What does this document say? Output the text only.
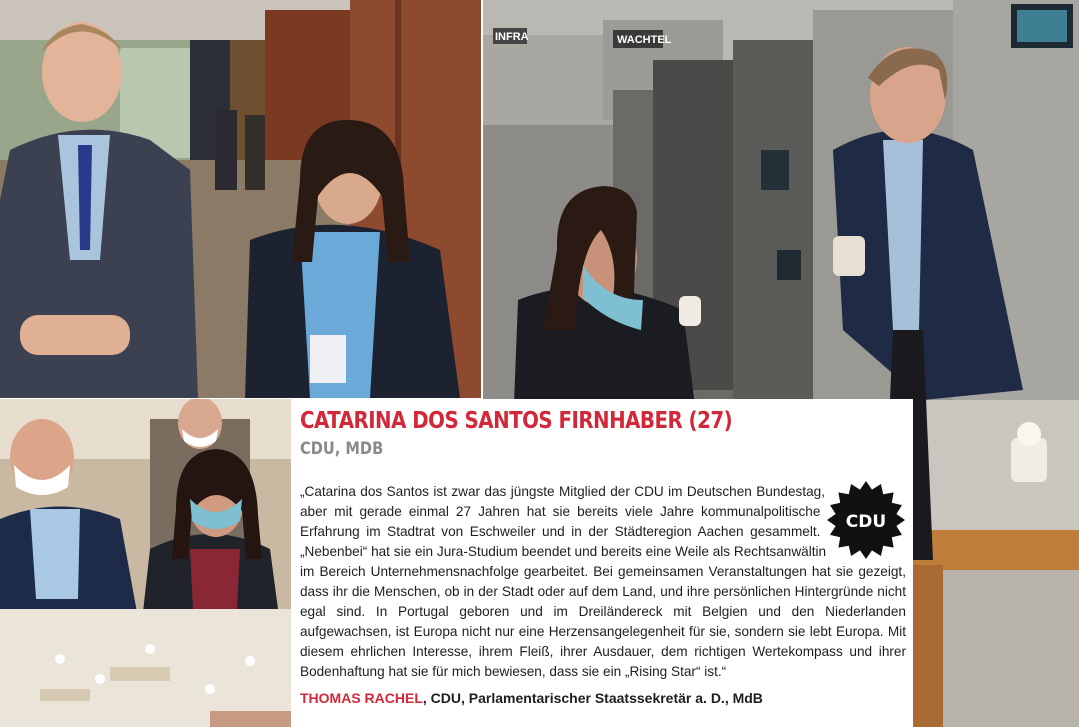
INFRA	WACHTEL
CATARINA DOS SANTOS FIRNHABER (27)
CDU, MDB

CDU
„Catarina dos Santos ist zwar das jüngste Mitglied der CDU im Deutschen Bundestag, aber mit gerade einmal 27 Jahren hat sie bereits viele Jahre kommunalpolitische Erfahrung im Stadtrat von Eschweiler und in der Städteregion Aachen gesammelt. „Nebenbei“ hat sie ein Jura-Studium beendet und bereits eine Weile als Rechtsanwältin im Bereich Unternehmensnachfolge gearbeitet. Bei gemeinsamen Veranstaltungen hat sie gezeigt, dass ihr die Menschen, ob in der Stadt oder auf dem Land, und ihre persönlichen Hintergründe nicht egal sind. In Portugal geboren und im Dreiländereck mit Belgien und den Niederlanden aufgewachsen, ist Europa nicht nur eine Herzensangelegenheit für sie, sondern sie lebt Europa. Mit diesem ehrlichen Interesse, ihrem Fleiß, ihrer Ausdauer, dem richtigen Wertekompass und ihrer Bodenhaftung hat sie für mich bewiesen, dass sie ein „Rising Star“ ist.“

THOMAS RACHEL, CDU, Parlamentarischer Staatssekretär a. D., MdB
